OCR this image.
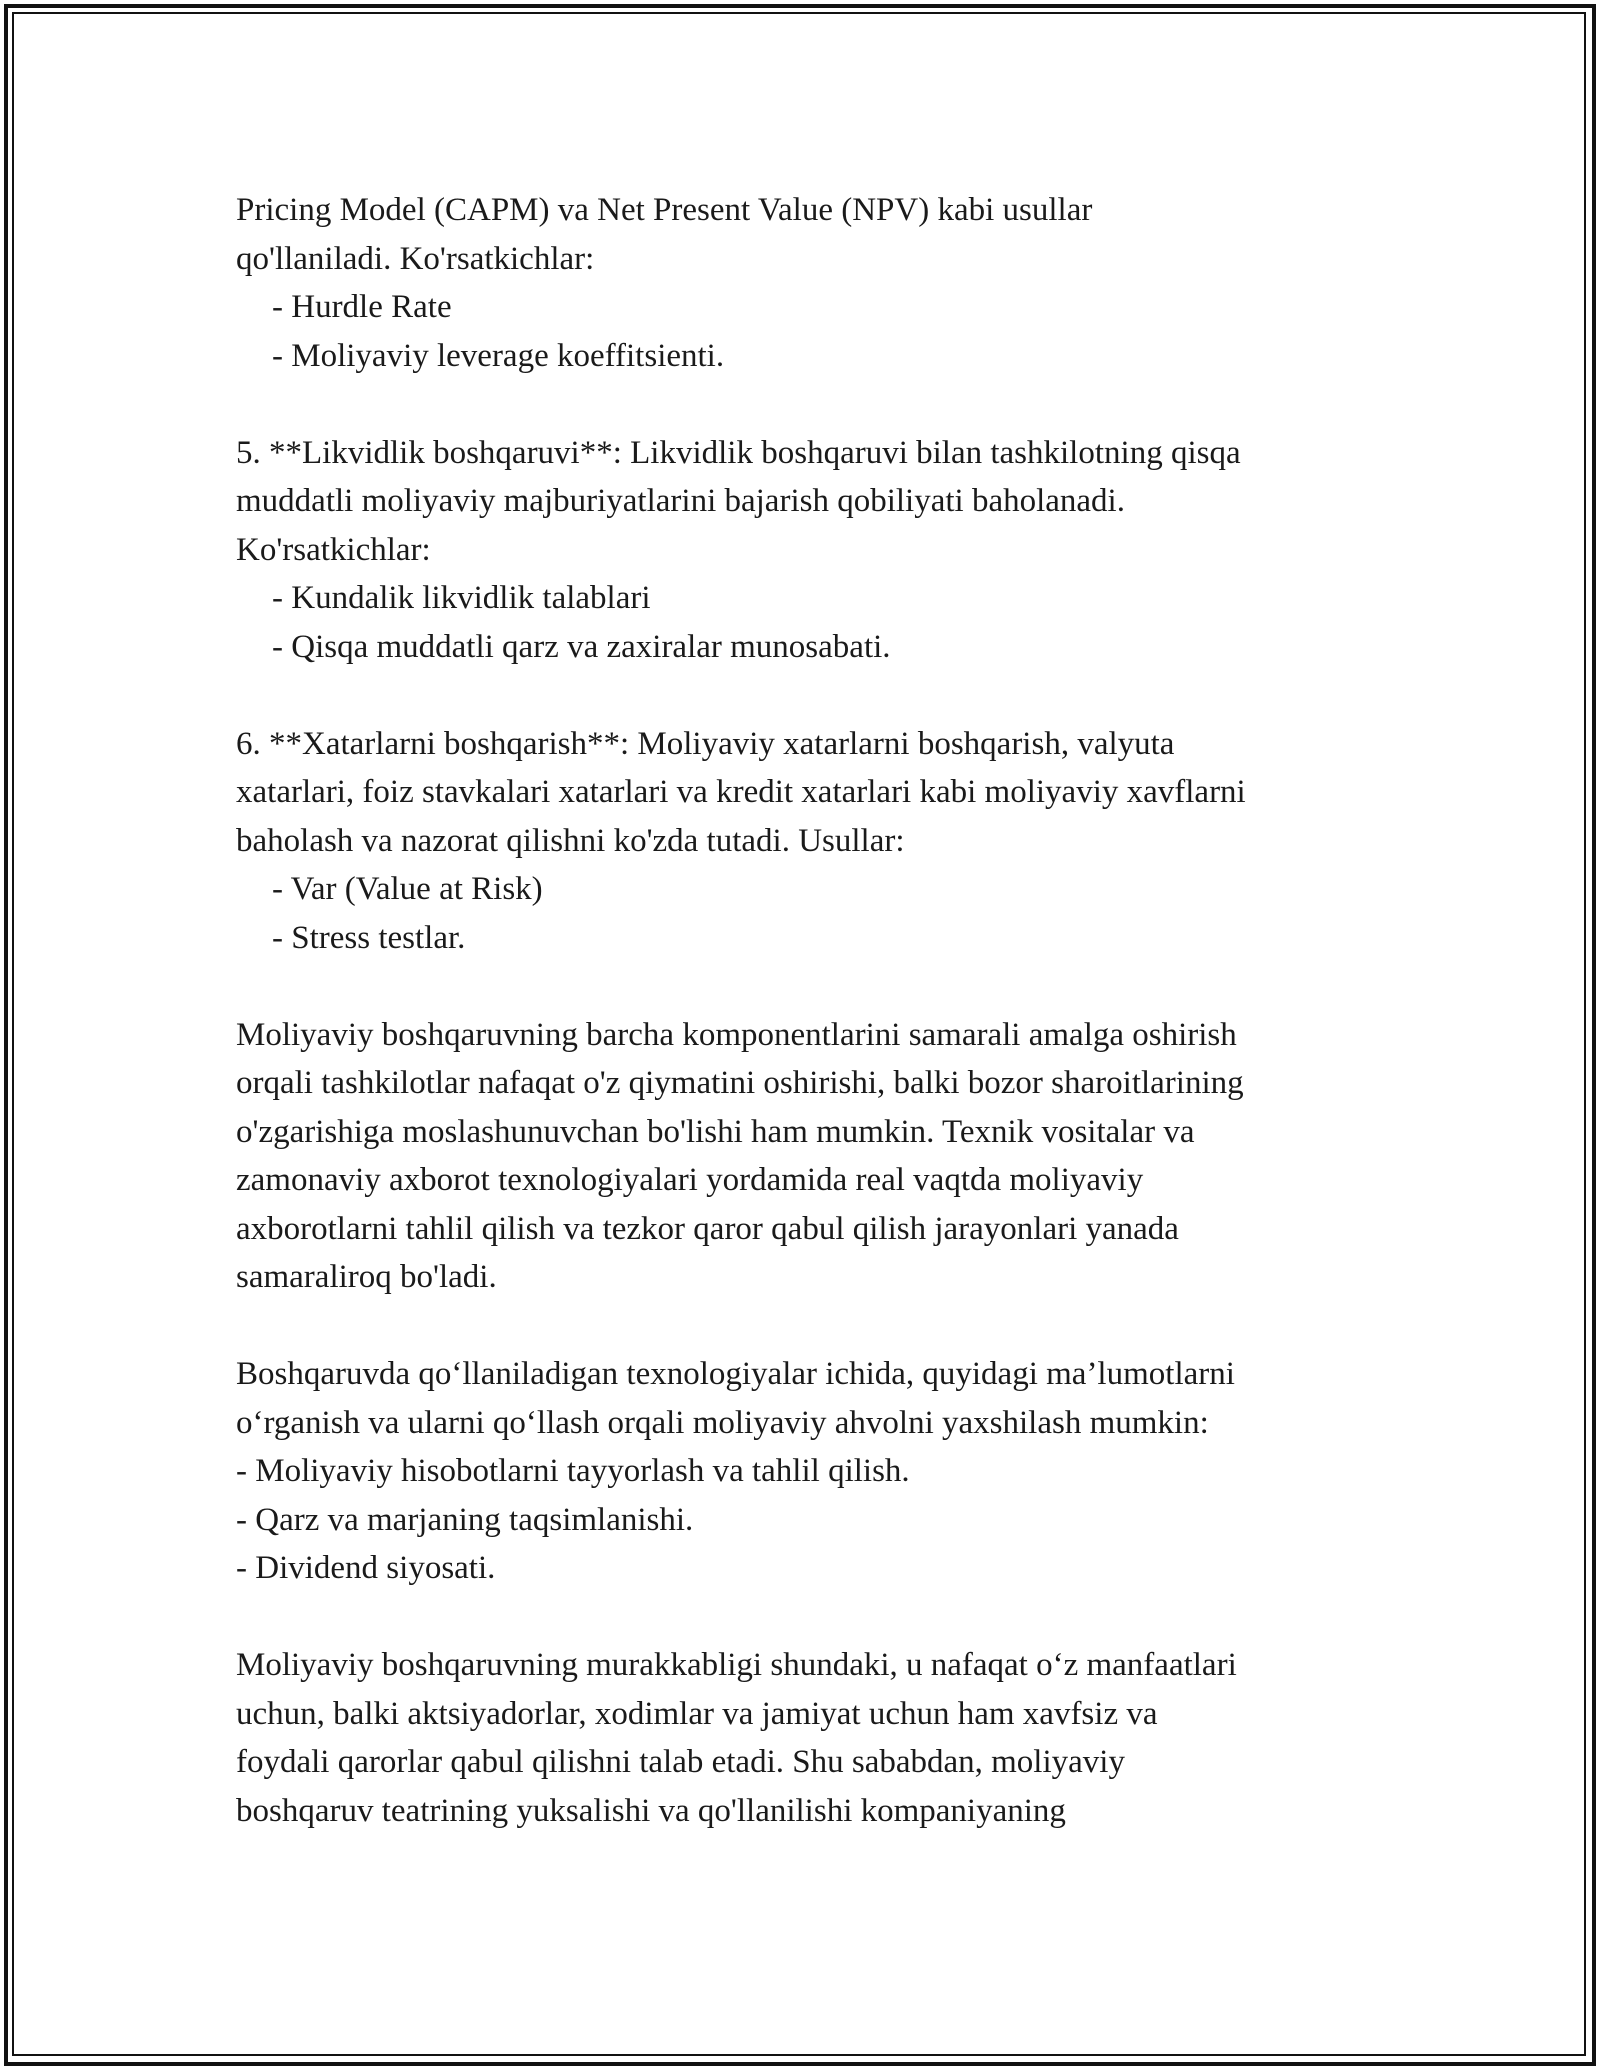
Pricing Model (CAPM) va Net Present Value (NPV) kabi usullar
qo'llaniladi. Ko'rsatkichlar:
- Hurdle Rate
- Moliyaviy leverage koeffitsienti.
5. **Likvidlik boshqaruvi**: Likvidlik boshqaruvi bilan tashkilotning qisqa
muddatli moliyaviy majburiyatlarini bajarish qobiliyati baholanadi.
Ko'rsatkichlar:
- Kundalik likvidlik talablari
- Qisqa muddatli qarz va zaxiralar munosabati.
6. **Xatarlarni boshqarish**: Moliyaviy xatarlarni boshqarish, valyuta
xatarlari, foiz stavkalari xatarlari va kredit xatarlari kabi moliyaviy xavflarni
baholash va nazorat qilishni ko'zda tutadi. Usullar:
- Var (Value at Risk)
- Stress testlar.
Moliyaviy boshqaruvning barcha komponentlarini samarali amalga oshirish
orqali tashkilotlar nafaqat o'z qiymatini oshirishi, balki bozor sharoitlarining
o'zgarishiga moslashunuvchan bo'lishi ham mumkin. Texnik vositalar va
zamonaviy axborot texnologiyalari yordamida real vaqtda moliyaviy
axborotlarni tahlil qilish va tezkor qaror qabul qilish jarayonlari yanada
samaraliroq bo'ladi.
Boshqaruvda qo‘llaniladigan texnologiyalar ichida, quyidagi ma’lumotlarni
o‘rganish va ularni qo‘llash orqali moliyaviy ahvolni yaxshilash mumkin:
- Moliyaviy hisobotlarni tayyorlash va tahlil qilish.
- Qarz va marjaning taqsimlanishi.
- Dividend siyosati.
Moliyaviy boshqaruvning murakkabligi shundaki, u nafaqat o‘z manfaatlari
uchun, balki aktsiyadorlar, xodimlar va jamiyat uchun ham xavfsiz va
foydali qarorlar qabul qilishni talab etadi. Shu sababdan, moliyaviy
boshqaruv teatrining yuksalishi va qo'llanilishi kompaniyaning
